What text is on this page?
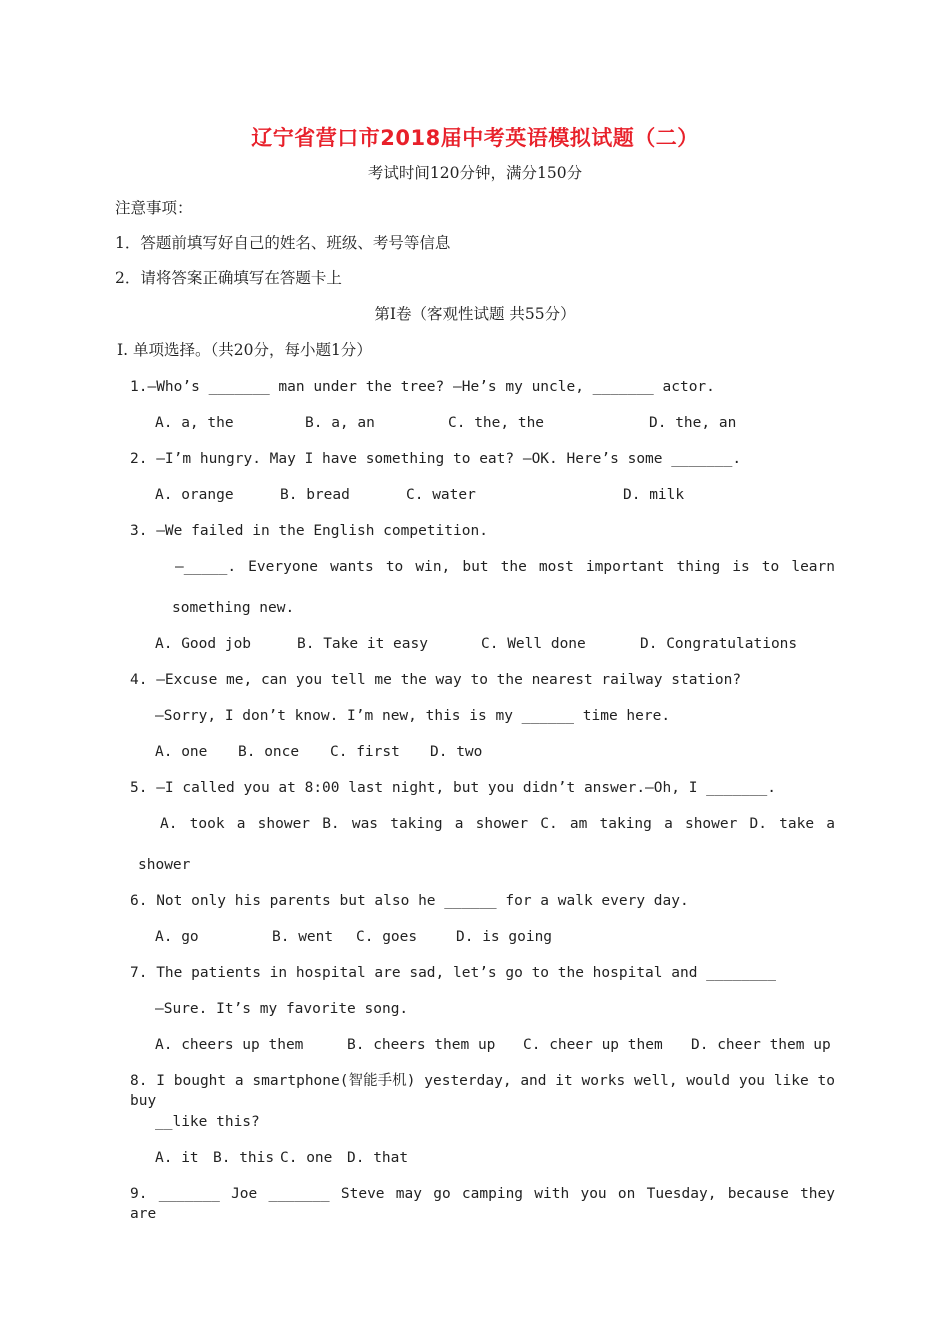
辽宁省营口市2018届中考英语模拟试题（二）
考试时间120分钟，满分150分
注意事项：
1．答题前填写好自己的姓名、班级、考号等信息
2．请将答案正确填写在答题卡上
第I卷（客观性试题 共55分）
Ⅰ. 单项选择。（共20分，每小题1分）
1.—Who’s _______ man under the tree? —He’s my uncle, _______ actor.
A. a, the	B. a, an	C. the, the	D. the, an
2. —I’m hungry. May I have something to eat? —OK. Here’s some _______.
A. orange	B. bread	C. water	D. milk
3. —We failed in the English competition.
—_____. Everyone wants to win, but the most important thing is to learn
something new.
A. Good job	B. Take it easy	C. Well done	D. Congratulations
4. —Excuse me, can you tell me the way to the nearest railway station?
—Sorry, I don’t know. I’m new, this is my ______ time here.
A. one B. once C. first D. two
5. —I called you at 8:00 last night, but you didn’t answer.—Oh, I _______.
A. took a shower B. was taking a shower C. am taking a shower D. take a
shower
6. Not only his parents but also he ______ for a walk every day.
A. go	B. went C. goes	D. is going
7. The patients in hospital are sad, let’s go to the hospital and ________
—Sure. It’s my favorite song.
A. cheers up them	B. cheers them up C. cheer up them D. cheer them up
8. I bought a smartphone(智能手机) yesterday, and it works well, would you like to buy
__like this?
A. it B. this C. one D. that
9. _______ Joe _______ Steve may go camping with you on Tuesday, because they are
